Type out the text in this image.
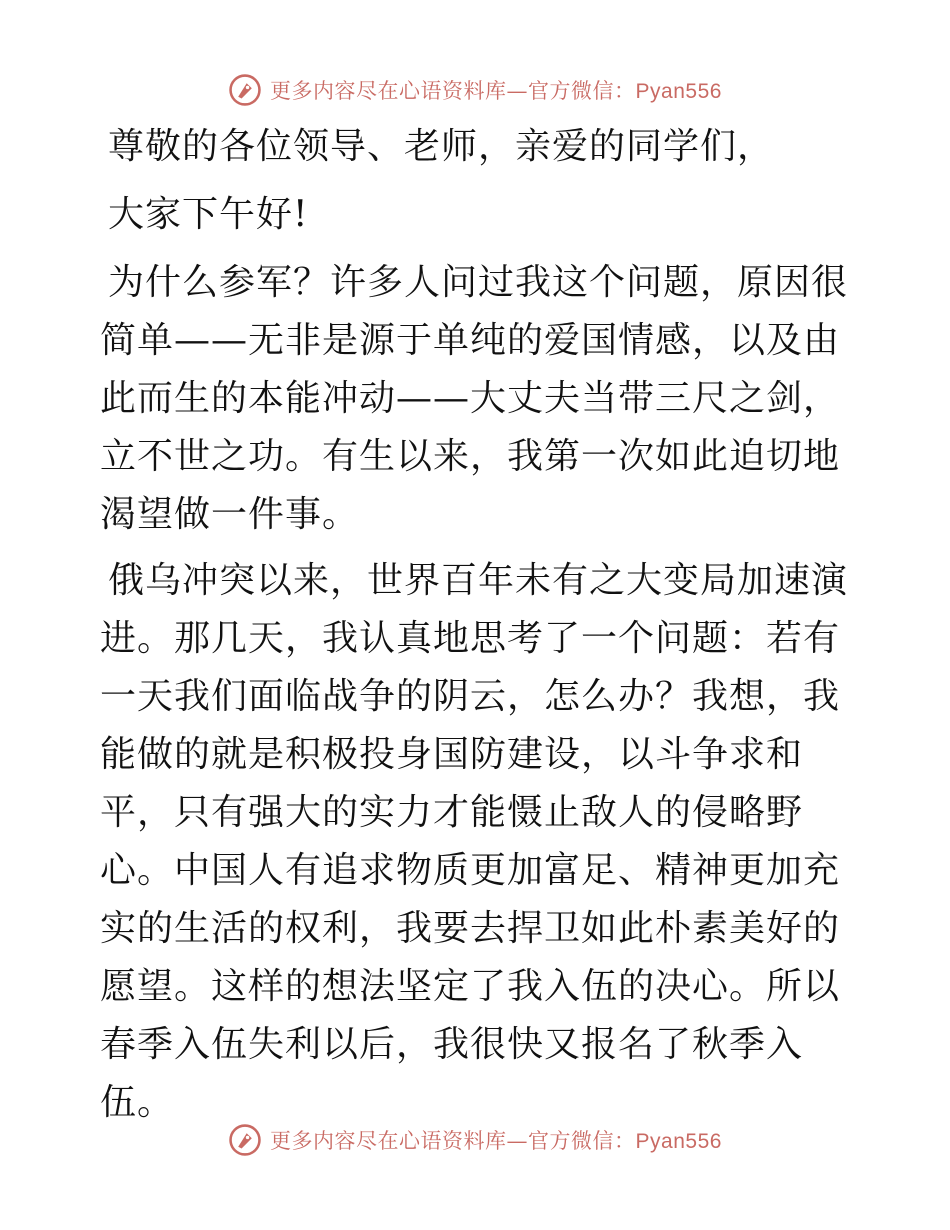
更多内容尽在心语资料库—官方微信：Pyan556

尊敬的各位领导、老师，亲爱的同学们，

大家下午好!

为什么参军？许多人问过我这个问题，原因很简单——无非是源于单纯的爱国情感，以及由此而生的本能冲动——大丈夫当带三尺之剑，立不世之功。有生以来，我第一次如此迫切地渴望做一件事。

俄乌冲突以来，世界百年未有之大变局加速演进。那几天，我认真地思考了一个问题：若有一天我们面临战争的阴云，怎么办？我想，我能做的就是积极投身国防建设，以斗争求和平，只有强大的实力才能慑止敌人的侵略野心。中国人有追求物质更加富足、精神更加充实的生活的权利，我要去捍卫如此朴素美好的愿望。这样的想法坚定了我入伍的决心。所以春季入伍失利以后，我很快又报名了秋季入伍。

更多内容尽在心语资料库—官方微信：Pyan556
